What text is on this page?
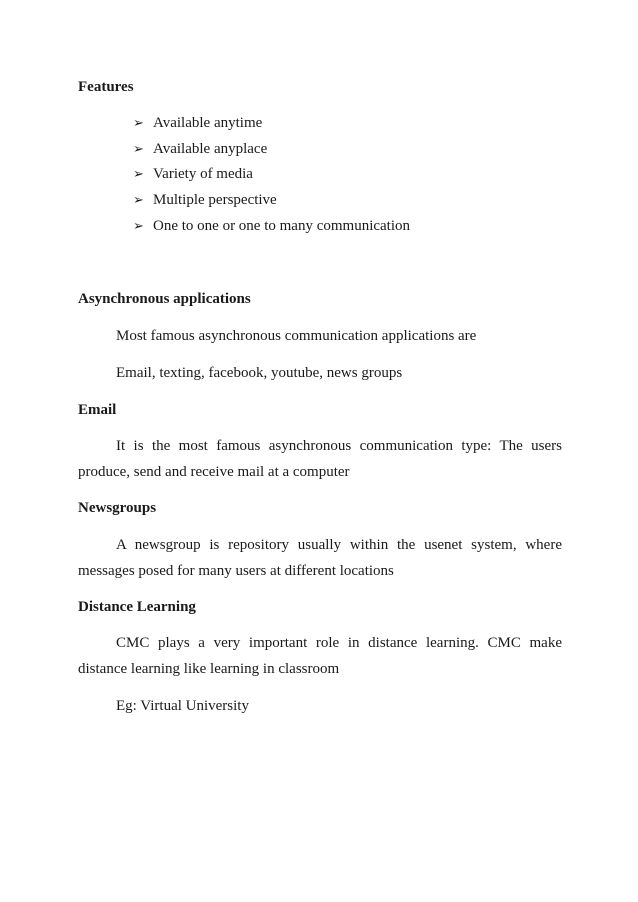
Features
➢ Available anytime
➢ Available anyplace
➢ Variety of media
➢ Multiple perspective
➢ One to one or one to many communication
Asynchronous applications
Most famous asynchronous communication applications are
Email, texting, facebook, youtube, news groups
Email
It is the most famous asynchronous communication type: The users produce, send and receive mail at a computer
Newsgroups
A newsgroup is repository usually within the usenet system, where messages posed for many users at different locations
Distance Learning
CMC plays a very important role in distance learning. CMC make distance learning like learning in classroom
Eg: Virtual University
